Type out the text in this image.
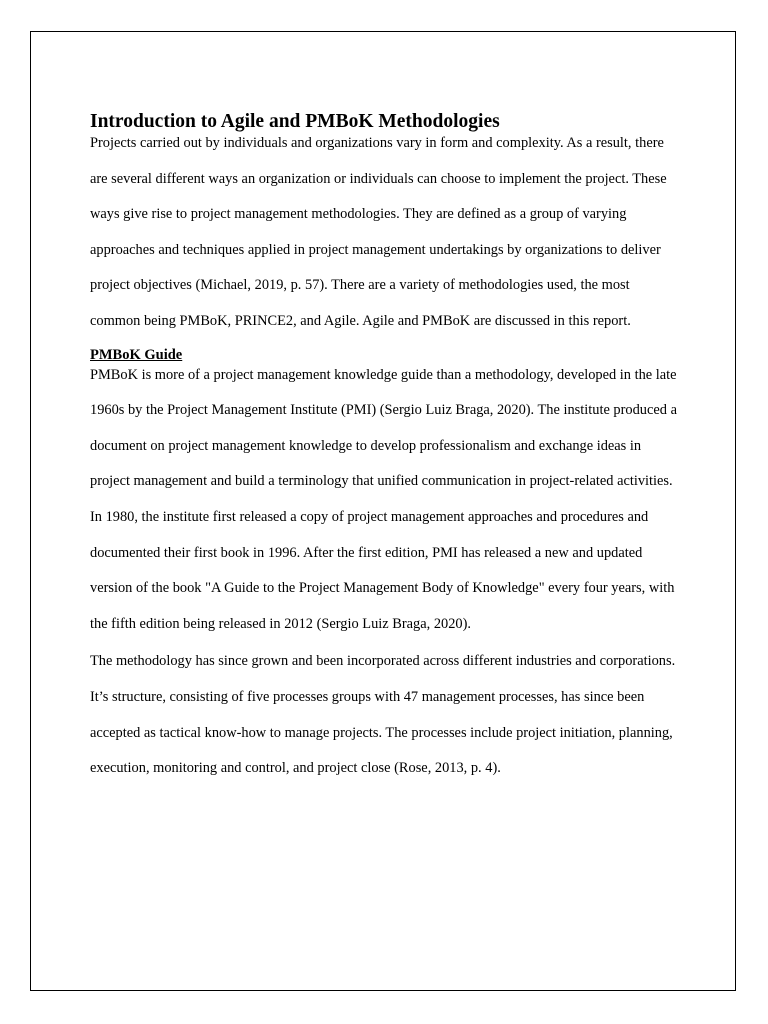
Introduction to Agile and PMBoK Methodologies

Projects carried out by individuals and organizations vary in form and complexity. As a result, there are several different ways an organization or individuals can choose to implement the project. These ways give rise to project management methodologies. They are defined as a group of varying approaches and techniques applied in project management undertakings by organizations to deliver project objectives (Michael, 2019, p. 57). There are a variety of methodologies used, the most common being PMBoK, PRINCE2, and Agile. Agile and PMBoK are discussed in this report.

PMBoK Guide

PMBoK is more of a project management knowledge guide than a methodology, developed in the late 1960s by the Project Management Institute (PMI) (Sergio Luiz Braga, 2020). The institute produced a document on project management knowledge to develop professionalism and exchange ideas in project management and build a terminology that unified communication in project-related activities. In 1980, the institute first released a copy of project management approaches and procedures and documented their first book in 1996. After the first edition, PMI has released a new and updated version of the book "A Guide to the Project Management Body of Knowledge" every four years, with the fifth edition being released in 2012 (Sergio Luiz Braga, 2020).

The methodology has since grown and been incorporated across different industries and corporations. It’s structure, consisting of five processes groups with 47 management processes, has since been accepted as tactical know-how to manage projects. The processes include project initiation, planning, execution, monitoring and control, and project close (Rose, 2013, p. 4).
